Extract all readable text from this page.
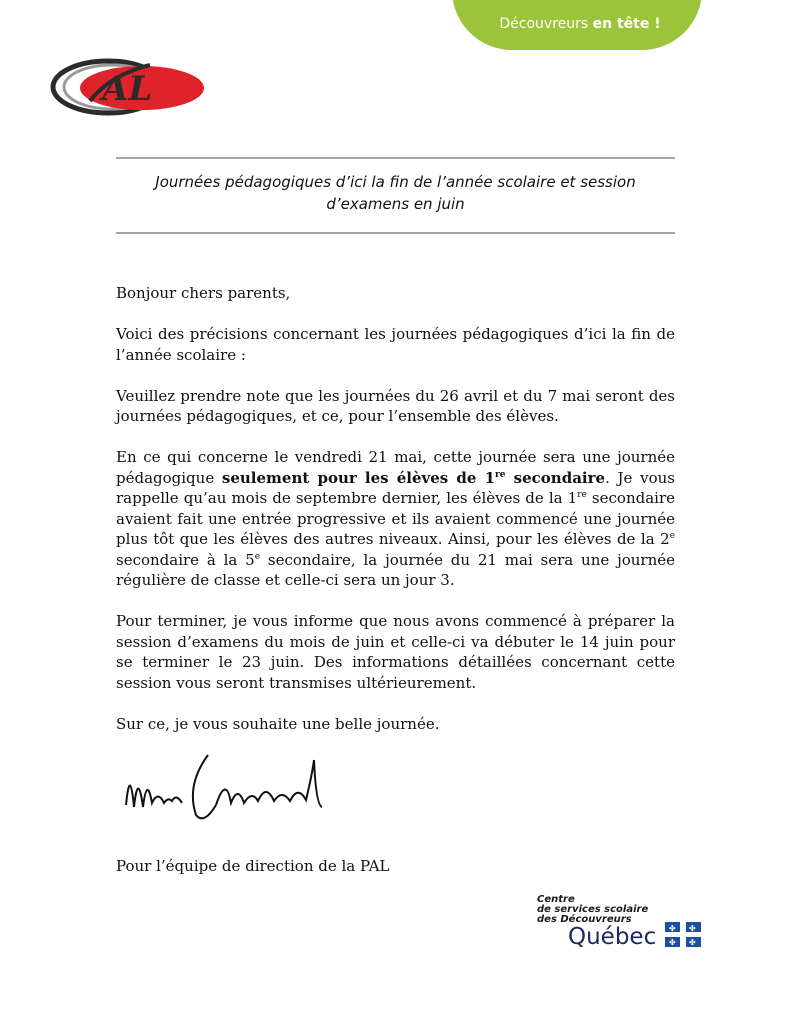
Découvreurs en tête !
AL
Journées pédagogiques d’ici la fin de l’année scolaire et session
d’examens en juin

Bonjour chers parents,

Voici des précisions concernant les journées pédagogiques d’ici la fin de l’année scolaire :

Veuillez prendre note que les journées du 26 avril et du 7 mai seront des journées pédagogiques, et ce, pour l’ensemble des élèves.

En ce qui concerne le vendredi 21 mai, cette journée sera une journée pédagogique seulement pour les élèves de 1re secondaire. Je vous rappelle qu’au mois de septembre dernier, les élèves de la 1re secondaire avaient fait une entrée progressive et ils avaient commencé une journée plus tôt que les élèves des autres niveaux. Ainsi, pour les élèves de la 2e secondaire à la 5e secondaire, la journée du 21 mai sera une journée régulière de classe et celle-ci sera un jour 3.

Pour terminer, je vous informe que nous avons commencé à préparer la session d’examens du mois de juin et celle-ci va débuter le 14 juin pour se terminer le 23 juin. Des informations détaillées concernant cette session vous seront transmises ultérieurement.

Sur ce, je vous souhaite une belle journée.

Pour l’équipe de direction de la PAL
Centre
de services scolaire
des Découvreurs
Québec ✤ ✤
✤ ✤
